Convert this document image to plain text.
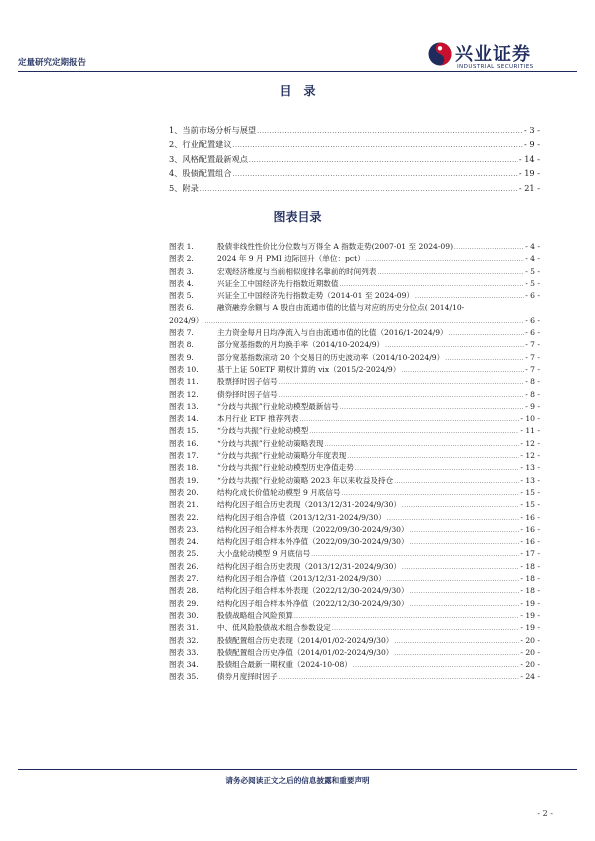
定量研究定期报告	兴业证券
INDUSTRIAL SECURITIES
目　录
1、当前市场分析与展望 .....	- 3 -
2、行业配置建议 .....	- 9 -
3、风格配置最新观点 .....	- 14 -
4、股债配置组合 .....	- 19 -
5、附录 .....	- 21 -
图表目录
图表 1.	股债非线性性价比分位数与万得全 A 指数走势(2007-01 至 2024-09) .....	- 4 -
图表 2.	2024 年 9 月 PMI 边际回升（单位：pct） .....	- 4 -
图表 3.	宏观经济维度与当前相似度排名靠前的时间列表 .....	- 5 -
图表 4.	兴证全工中国经济先行指数近期数值 .....	- 5 -
图表 5.	兴证全工中国经济先行指数走势（2014-01 至 2024-09） .....	- 6 -
图表 6.	融资融券余额与 A 股自由流通市值的比值与对应的历史分位点( 2014/10-
2024/9） .....	- 6 -
图表 7.	主力资金每月日均净流入与自由流通市值的比值（2016/1-2024/9） .....	- 6 -
图表 8.	部分宽基指数的月均换手率（2014/10-2024/9） .....	- 7 -
图表 9.	部分宽基指数滚动 20 个交易日的历史波动率（2014/10-2024/9） .....	- 7 -
图表 10.	基于上证 50ETF 期权计算的 vix（2015/2-2024/9） .....	- 7 -
图表 11.	股票择时因子信号 .....	- 8 -
图表 12.	债券择时因子信号 .....	- 8 -
图表 13.	“分歧与共振”行业轮动模型最新信号 .....	- 9 -
图表 14.	本月行业 ETF 推荐列表 .....	- 10 -
图表 15.	“分歧与共振”行业轮动模型 .....	- 11 -
图表 16.	“分歧与共振”行业轮动策略表现 .....	- 12 -
图表 17.	“分歧与共振”行业轮动策略分年度表现 .....	- 12 -
图表 18.	“分歧与共振”行业轮动模型历史净值走势 .....	- 13 -
图表 19.	“分歧与共振”行业轮动策略 2023 年以来收益及持仓 .....	- 13 -
图表 20.	结构化成长价值轮动模型 9 月底信号 .....	- 15 -
图表 21.	结构化因子组合历史表现（2013/12/31-2024/9/30） .....	- 15 -
图表 22.	结构化因子组合净值（2013/12/31-2024/9/30） .....	- 16 -
图表 23.	结构化因子组合样本外表现（2022/09/30-2024/9/30） .....	- 16 -
图表 24.	结构化因子组合样本外净值（2022/09/30-2024/9/30） .....	- 16 -
图表 25.	大小盘轮动模型 9 月底信号 .....	- 17 -
图表 26.	结构化因子组合历史表现（2013/12/31-2024/9/30） .....	- 18 -
图表 27.	结构化因子组合净值（2013/12/31-2024/9/30） .....	- 18 -
图表 28.	结构化因子组合样本外表现（2022/12/30-2024/9/30） .....	- 18 -
图表 29.	结构化因子组合样本外净值（2022/12/30-2024/9/30） .....	- 19 -
图表 30.	股债战略组合风险预算 .....	- 19 -
图表 31.	中、低风险股债战术组合参数设定 .....	- 19 -
图表 32.	股债配置组合历史表现（2014/01/02-2024/9/30） .....	- 20 -
图表 33.	股债配置组合历史净值（2014/01/02-2024/9/30） .....	- 20 -
图表 34.	股债组合最新一期权重（2024-10-08） .....	- 20 -
图表 35.	债券月度择时因子 .....	- 24 -
请务必阅读正文之后的信息披露和重要声明
- 2 -
